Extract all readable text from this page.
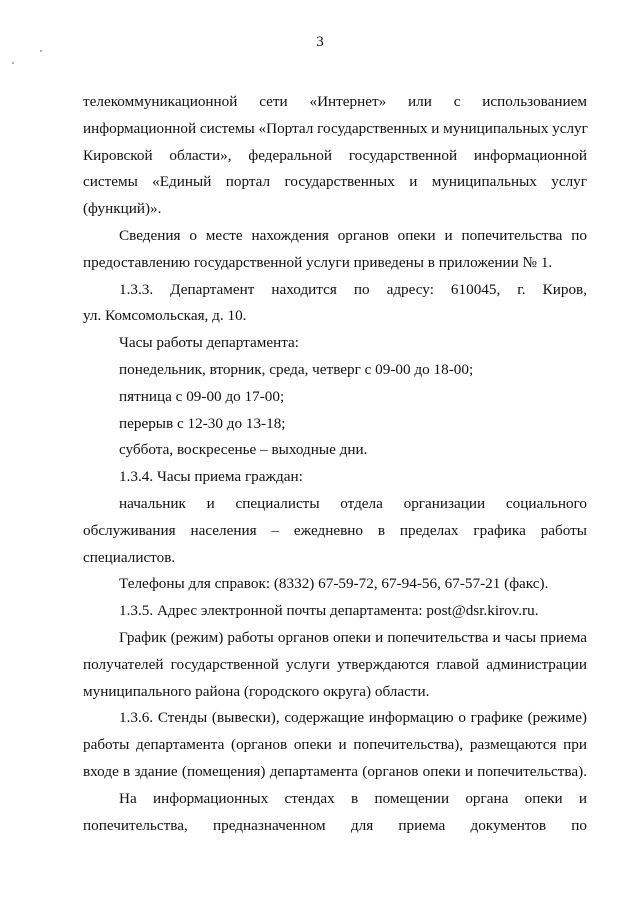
3

телекоммуникационной сети «Интернет» или с использованием

информационной системы «Портал государственных и муниципальных услуг

Кировской области», федеральной государственной информационной

системы «Единый портал государственных и муниципальных услуг

(функций)».

Сведения о месте нахождения органов опеки и попечительства по

предоставлению государственной услуги приведены в приложении № 1.

1.3.3. Департамент находится по адресу: 610045, г. Киров,

ул. Комсомольская, д. 10.

Часы работы департамента:

понедельник, вторник, среда, четверг с 09-00 до 18-00;

пятница с 09-00 до 17-00;

перерыв с 12-30 до 13-18;

суббота, воскресенье – выходные дни.

1.3.4. Часы приема граждан:

начальник и специалисты отдела организации социального

обслуживания населения – ежедневно в пределах графика работы

специалистов.

Телефоны для справок: (8332) 67-59-72, 67-94-56, 67-57-21 (факс).

1.3.5. Адрес электронной почты департамента: post@dsr.kirov.ru.

График (режим) работы органов опеки и попечительства и часы приема

получателей государственной услуги утверждаются главой администрации

муниципального района (городского округа) области.

1.3.6. Стенды (вывески), содержащие информацию о графике (режиме)

работы департамента (органов опеки и попечительства), размещаются при

входе в здание (помещения) департамента (органов опеки и попечительства).

На информационных стендах в помещении органа опеки и

попечительства, предназначенном для приема документов по
